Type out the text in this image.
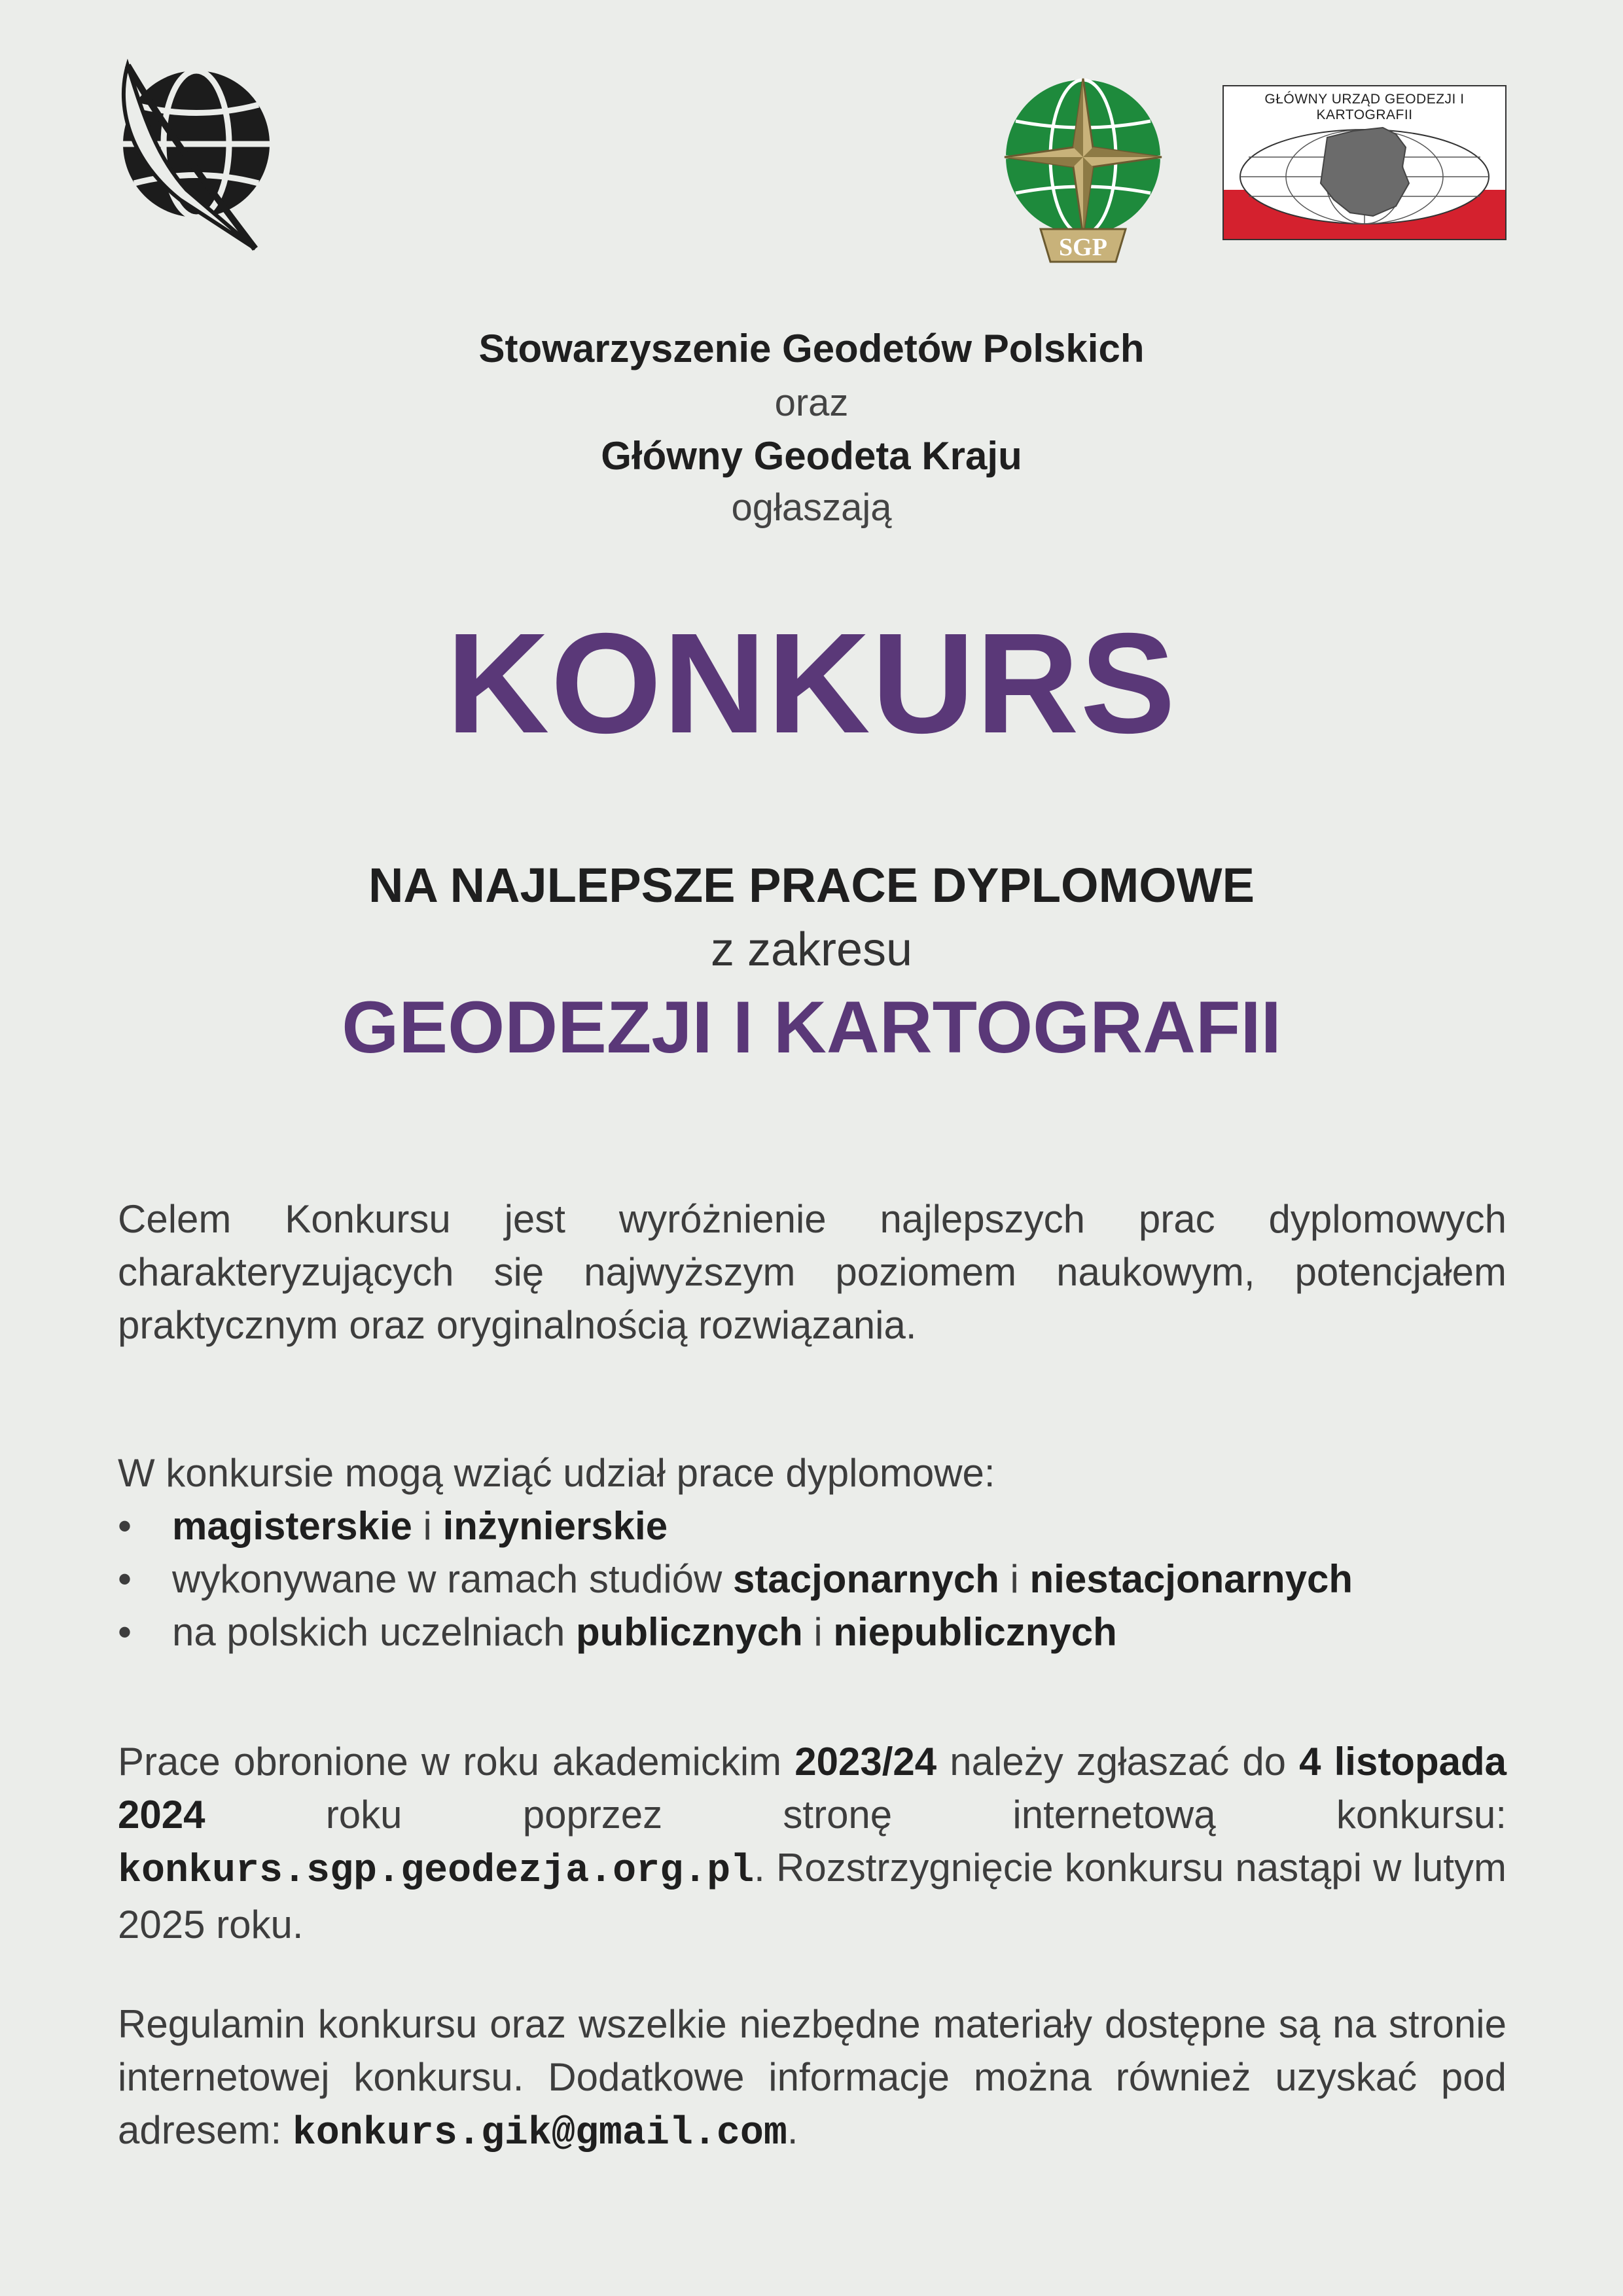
SGP
GŁÓWNY URZĄD GEODEZJI I KARTOGRAFII
Stowarzyszenie Geodetów Polskich
oraz
Główny Geodeta Kraju
ogłaszają
KONKURS
NA NAJLEPSZE PRACE DYPLOMOWE
z zakresu
GEODEZJI I KARTOGRAFII
Celem Konkursu jest wyróżnienie najlepszych prac dyplomowych charakteryzujących się najwyższym poziomem naukowym, potencjałem praktycznym oraz oryginalnością rozwiązania.
W konkursie mogą wziąć udział prace dyplomowe:
• magisterskie i inżynierskie
• wykonywane w ramach studiów stacjonarnych i niestacjonarnych
• na polskich uczelniach publicznych i niepublicznych
Prace obronione w roku akademickim 2023/24 należy zgłaszać do 4 listopada 2024 roku poprzez stronę internetową konkursu: konkurs.sgp.geodezja.org.pl. Rozstrzygnięcie konkursu nastąpi w lutym 2025 roku.
Regulamin konkursu oraz wszelkie niezbędne materiały dostępne są na stronie internetowej konkursu. Dodatkowe informacje można również uzyskać pod adresem: konkurs.gik@gmail.com.
